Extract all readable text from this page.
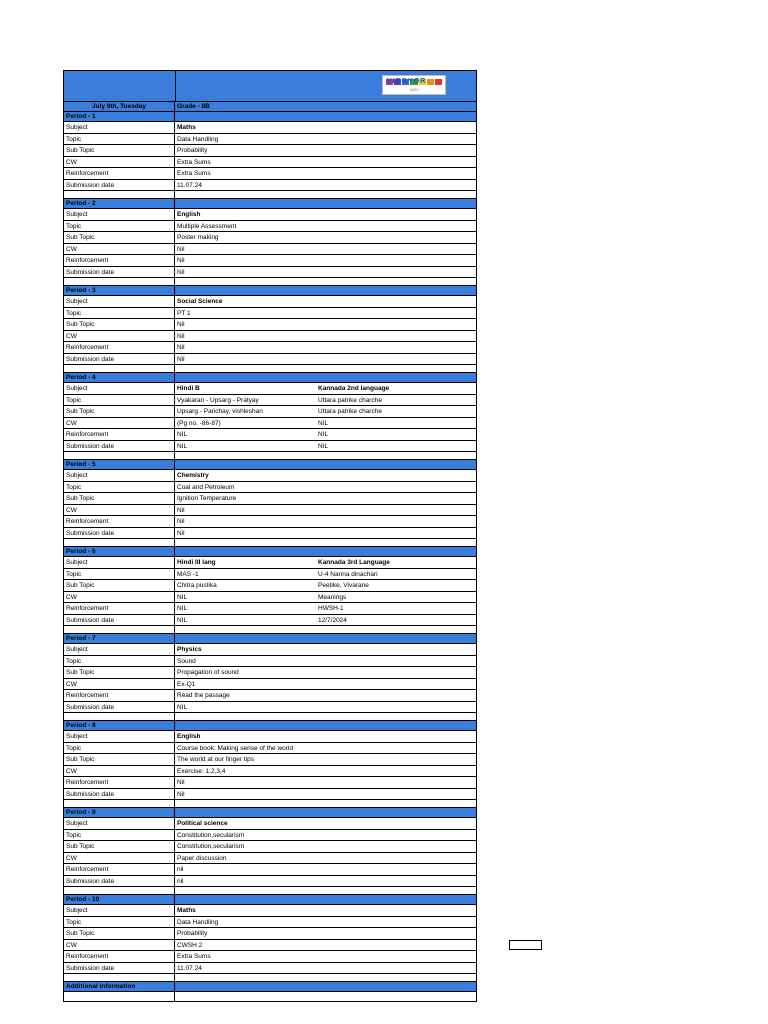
VIBGYOR
HIGH
July 9th, Tuesday	Grade - 8B
Period - 1
Subject	Maths
Topic	Data Handling
Sub Topic	Probability
CW	Extra Sums
Reinforcement	Extra Sums
Submission date	11.07.24
Period - 2
Subject	English
Topic	Multiple Assessment
Sub Topic	Poster making
CW	Nil
Reinforcement	Nil
Submission date	Nil
Period - 3
Subject	Social Science
Topic	PT 1
Sub Topic	Nil
CW	Nil
Reinforcement	Nil
Submission date	Nil
Period - 4
Subject	Hindi B	Kannada 2nd language
Topic	Vyakaran - Upsarg - Pratyay	Uttara patrike charche
Sub Topic	Upsarg - Parichay, vishleshan	Uttara patrike charche
CW	(Pg no. -86-87)	NIL
Reinforcement	NIL	NIL
Submission date	NIL	NIL
Period - 5
Subject	Chemistry
Topic	Coal and Petroleum
Sub Topic	Ignition Temperature
CW	Nil
Reinforcement	Nil
Submission date	Nil
Period - 6
Subject	Hindi III lang	Kannada 3rd Language
Topic	MAS -1	U-4 Nanna dinachari
Sub Topic	Chitra pustika	Peetike, Vivarane
CW	NIL	Meanings
Reinforcement	NIL	HWSH-1
Submission date	NIL	12/7/2024
Period - 7
Subject	Physics
Topic	Sound
Sub Topic	Propagation of sound
CW	Ex-Q1
Reinforcement	Read the passage
Submission date	NIL
Period - 8
Subject	English
Topic	Course book: Making sense of the world
Sub Topic	The world at our finger tips
CW	Exercise: 1,2,3,4
Reinforcement	Nil
Submission date	Nil
Period - 9
Subject	Political science
Topic	Constitution,secularism
Sub Topic	Constitution,secularism
CW	Paper discussion
Reinforcement	nil
Submission date	nil
Period - 10
Subject	Maths
Topic	Data Handling
Sub Topic	Probability
CW	CWSH 2
Reinforcement	Extra Sums
Submission date	11.07.24
Additional Information
